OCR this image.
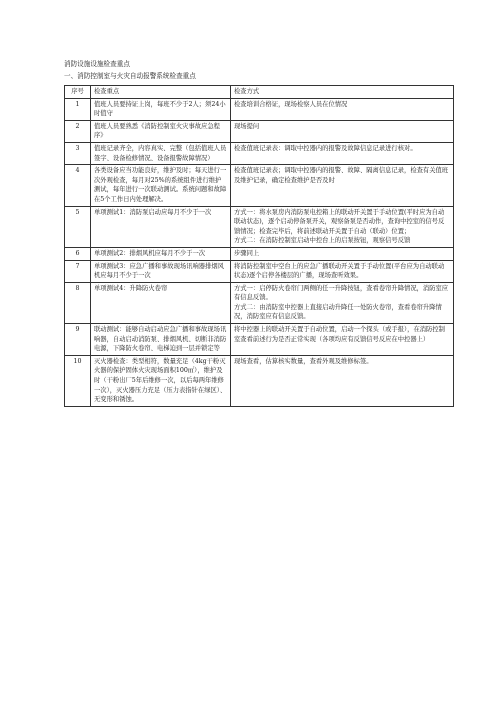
消防设施设施检查重点
一、消防控制室与火灾自动报警系统检查重点
序号	检查重点	检查方式
1	值班人员要持证上岗，每班不少于2人；须24小时值守	检查培训合格证，现场检察人员在位情况

2	值班人员要熟悉《消防控制室火灾事故应急程序》	现场提问

3	值班记录齐全，内容真实、完整（包括值班人员签字、设备检修情况、设备报警故障情况）	检查值班记录表：调取中控器内的报警及故障信息记录进行核对。

4	各类设备应当功能良好，维护及时；每天进行一次外观检查，每月对25%的系统组件进行维护测试，每年进行一次联动测试。系统问题和故障在5个工作日内处理解决。	检查值班记录表；调取中控器内的报警、故障、隔离信息记录，检查有关值班及维护记录，确定检查维护是否及时

5	单项测试1：消防泵启动应每月不少于一次	方式一：将水泵房内消防泵电控箱上的联动开关置于手动位置(平时应为自动联动状态)，逐个启动停备泵开关，观察备泵是否动作，查询中控室的信号反馈情况；检查完毕后，将前述联动开关置于自动（联动）位置；
方式二：在消防控制室启动中控台上的启泵按钮，观察信号反馈

6	单项测试2：排烟风机应每月不少于一次	步骤同上

7	单项测试3：应急广播和事故现场讯响器排烟风机应每月不少于一次	将消防控制室中空台上的应急广播联动开关置于手动位置(平台应为自动联动状态)逐个启停各楼层的广播，现场查听效果。

8	单项测试4：升降防火卷帘	方式一：启停防火卷帘门两侧的任一升降按钮，查看卷帘升降情况，消防室应有信息反馈。
方式二：由消防室中控器上直接启动升降任一处防火卷帘，查看卷帘升降情况，消防室应有信息反馈。

9	联动测试：能够自动启动应急广播和事故现场讯响器，自动启动消防泵、排烟风机、切断非消防电源，下降防火卷帘、电梯迫到一层并锁定等	将中控器上的联动开关置于自动位置，启动一个探头（或手报），在消防控制室查看前述行为是否正常实现（各项均应有反馈信号反应在中控器上）

10	灭火器检查：类型相符，数量充足（4kg干粉灭火器的保护固体火灾现场面积100㎡），维护及时（干粉出厂5年后维修一次，以后每两年维修一次），灭火器压力充足（压力表指针在绿区）、无变形和锈蚀。	现场查看，估算核实数量，查看外观及维修标签。
